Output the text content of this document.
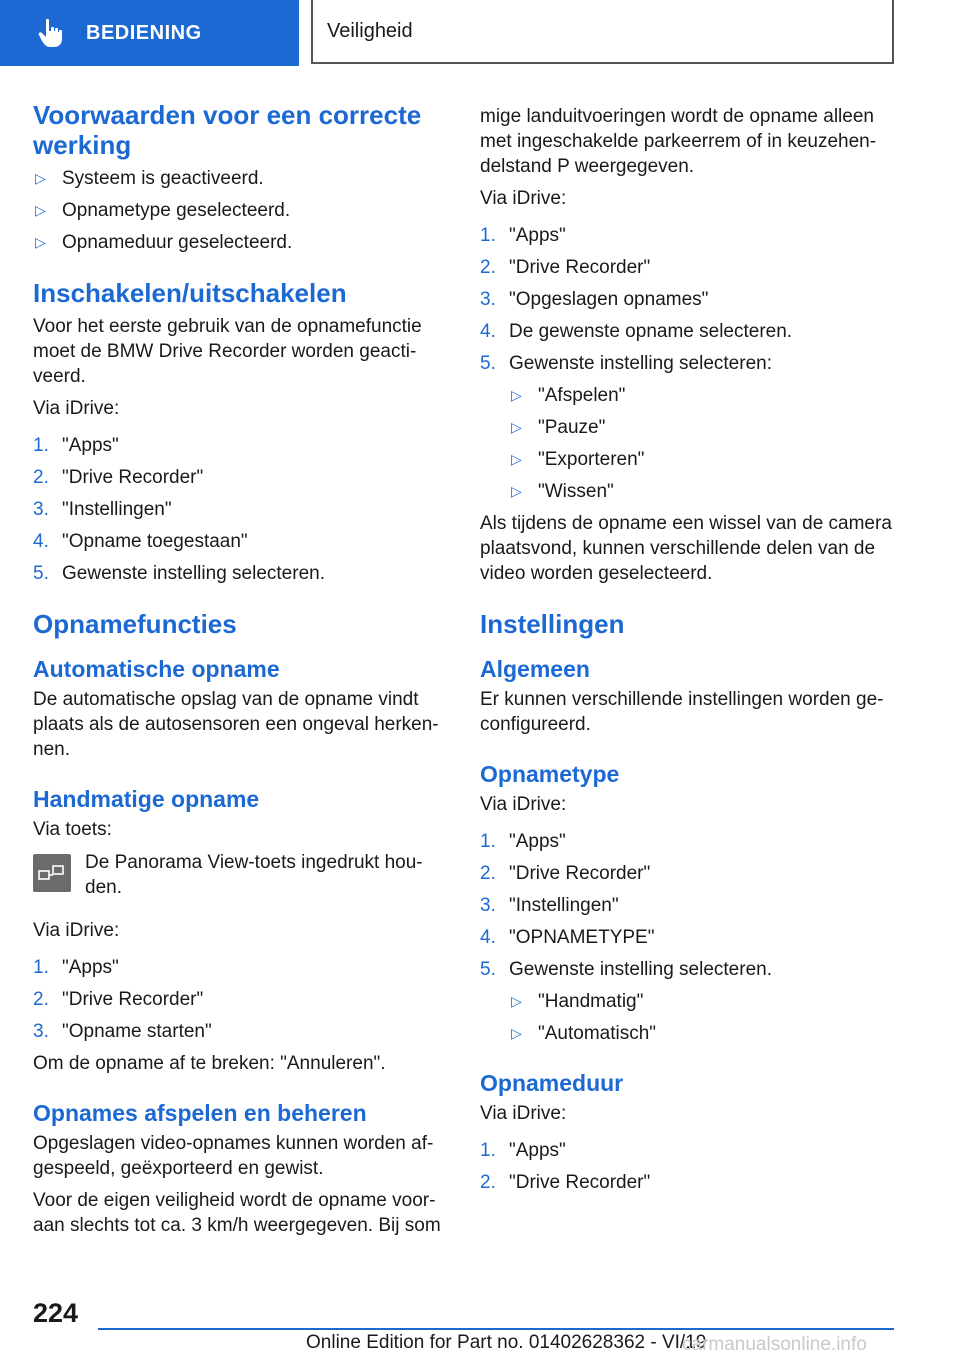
BEDIENING	Veiligheid
Voorwaarden voor een correcte werking
▷ Systeem is geactiveerd.
▷ Opnametype geselecteerd.
▷ Opnameduur geselecteerd.
Inschakelen/uitschakelen
Voor het eerste gebruik van de opnamefunctie moet de BMW Drive Recorder worden geactiveerd.
Via iDrive:
1. "Apps"
2. "Drive Recorder"
3. "Instellingen"
4. "Opname toegestaan"
5. Gewenste instelling selecteren.
Opnamefuncties
Automatische opname
De automatische opslag van de opname vindt plaats als de autosensoren een ongeval herkennen.
Handmatige opname
Via toets:
De Panorama View-toets ingedrukt houden.
Via iDrive:
1. "Apps"
2. "Drive Recorder"
3. "Opname starten"
Om de opname af te breken: "Annuleren".
Opnames afspelen en beheren
Opgeslagen video-opnames kunnen worden afgespeeld, geëxporteerd en gewist.
Voor de eigen veiligheid wordt de opname vooraan slechts tot ca. 3 km/h weergegeven. Bij som
mige landuitvoeringen wordt de opname alleen met ingeschakelde parkeerrem of in keuzehendelstand P weergegeven.
Via iDrive:
1. "Apps"
2. "Drive Recorder"
3. "Opgeslagen opnames"
4. De gewenste opname selecteren.
5. Gewenste instelling selecteren:
▷ "Afspelen"
▷ "Pauze"
▷ "Exporteren"
▷ "Wissen"
Als tijdens de opname een wissel van de camera plaatsvond, kunnen verschillende delen van de video worden geselecteerd.
Instellingen
Algemeen
Er kunnen verschillende instellingen worden geconfigureerd.
Opnametype
Via iDrive:
1. "Apps"
2. "Drive Recorder"
3. "Instellingen"
4. "OPNAMETYPE"
5. Gewenste instelling selecteren.
▷ "Handmatig"
▷ "Automatisch"
Opnameduur
Via iDrive:
1. "Apps"
2. "Drive Recorder"
224
Online Edition for Part no. 01402628362 - VI/19
carmanualsonline.info
